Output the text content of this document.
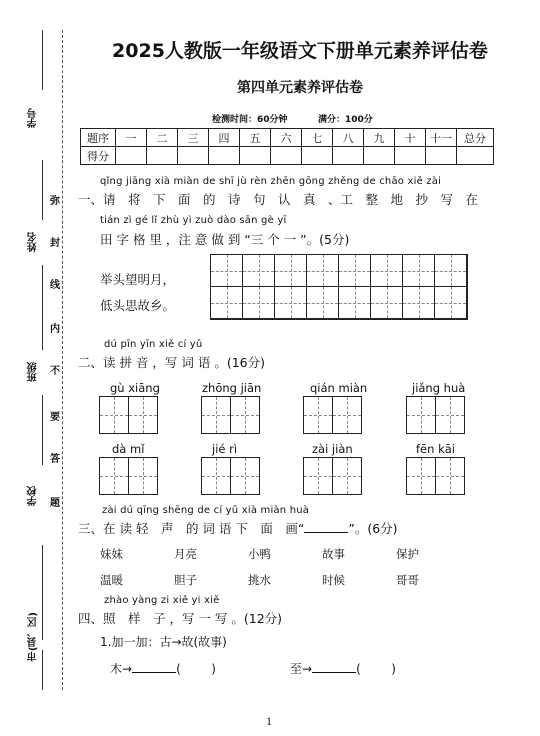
学号
姓名
班级
学校
市(县、区)
弥
封
线
内
不
要
答
题
2025人教版一年级语文下册单元素养评估卷
第四单元素养评估卷
检测时间：60分钟	满分：100分
题序	一	二	三	四	五	六	七	八	九	十	十一	总分
得分												
qǐng jiāng xià miàn de shī jù rèn zhēn gōng zhěng de chāo xiě zài
一、请　将　下　面　的　诗　句　认　真　、工　整　地　抄　写　在
tián zì gé lǐ zhù yì zuò dào sān gè yī
田 字 格 里 ，注 意 做 到 “三 个 一 ”。(5分)
举头望明月，
低头思故乡。
dú pīn yīn xiě cí yǔ
二、读 拼 音 ，写 词 语 。(16分)
gù xiāng	zhōng jiān	qián miàn	jiǎng huà
dà mǐ	jié rì	zài jiàn	fēn kāi
zài dú qīng shēng de cí yǔ xià miàn huà
三、在 读 轻　声　的 词 语 下　面　画“	”。(6分)
妹妹	月亮	小鸭	故事	保护
温暖	胆子	挑水	时候	哥哥
zhào yàng zi xiě yi xiě
四、照　样　子 ，写 一 写 。(12分)
1.加一加：古→故(故事)
木→	(        )	至→	(        )
1
